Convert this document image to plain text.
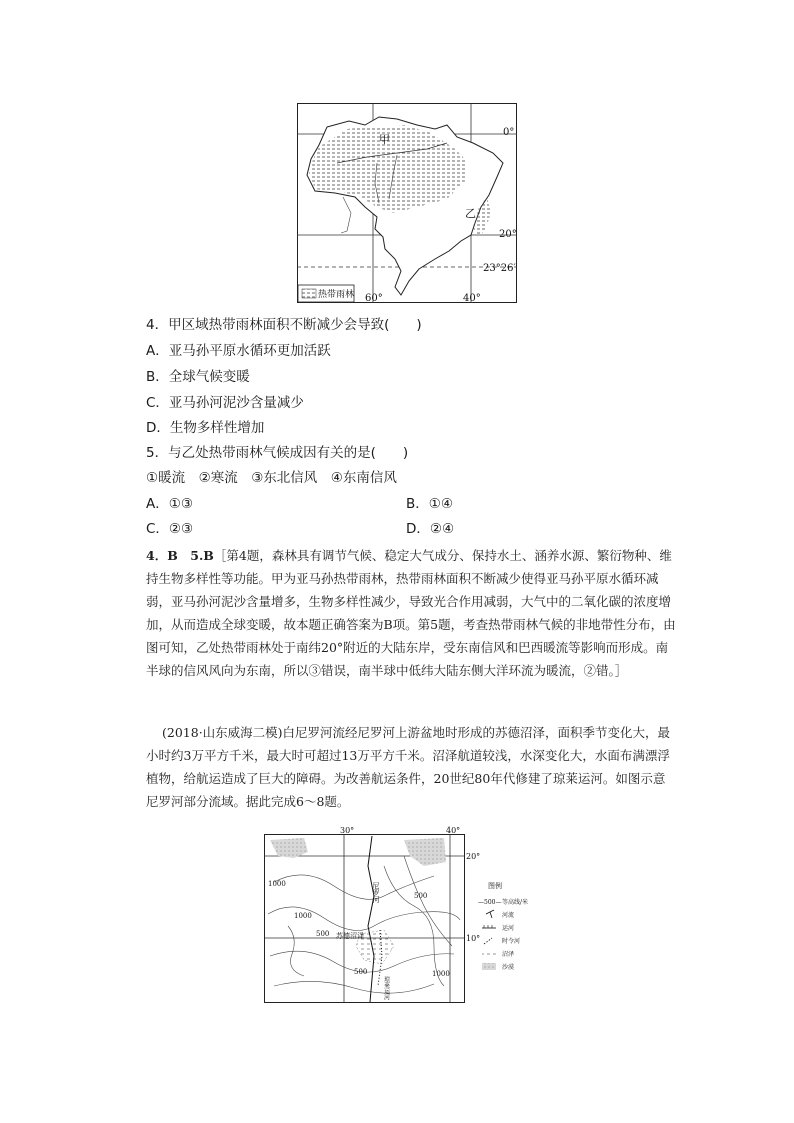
0°
20°
23°26′
60°	40°
甲
乙
热带雨林
4．甲区域热带雨林面积不断减少会导致(　　)
A．亚马孙平原水循环更加活跃
B．全球气候变暖
C．亚马孙河泥沙含量减少
D．生物多样性增加
5．与乙处热带雨林气候成因有关的是(　　)
①暖流　②寒流　③东北信风　④东南信风
A．①③	B．①④
C．②③	D．②④
4．B　5.B［第4题，森林具有调节气候、稳定大气成分、保持水土、涵养水源、繁衍物种、维持生物多样性等功能。甲为亚马孙热带雨林，热带雨林面积不断减少使得亚马孙平原水循环减弱，亚马孙河泥沙含量增多，生物多样性减少，导致光合作用减弱，大气中的二氧化碳的浓度增加，从而造成全球变暖，故本题正确答案为B项。第5题，考查热带雨林气候的非地带性分布，由图可知，乙处热带雨林处于南纬20°附近的大陆东岸，受东南信风和巴西暖流等影响而形成。南半球的信风风向为东南，所以③错误，南半球中低纬大陆东侧大洋环流为暖流，②错。］
(2018·山东威海二模)白尼罗河流经尼罗河上游盆地时形成的苏德沼泽，面积季节变化大，最小时约3万平方千米，最大时可超过13万平方千米。沼泽航道较浅，水深变化大，水面布满漂浮植物，给航运造成了巨大的障碍。为改善航运条件，20世纪80年代修建了琼莱运河。如图示意尼罗河部分流域。据此完成6～8题。
30°	40°
20°
10°
1000
1000
500
500
500	1000
苏德沼泽
琼莱运河
尼罗河	图例
—500— 等高线/米
河流
运河
时令河
沼泽
沙漠
